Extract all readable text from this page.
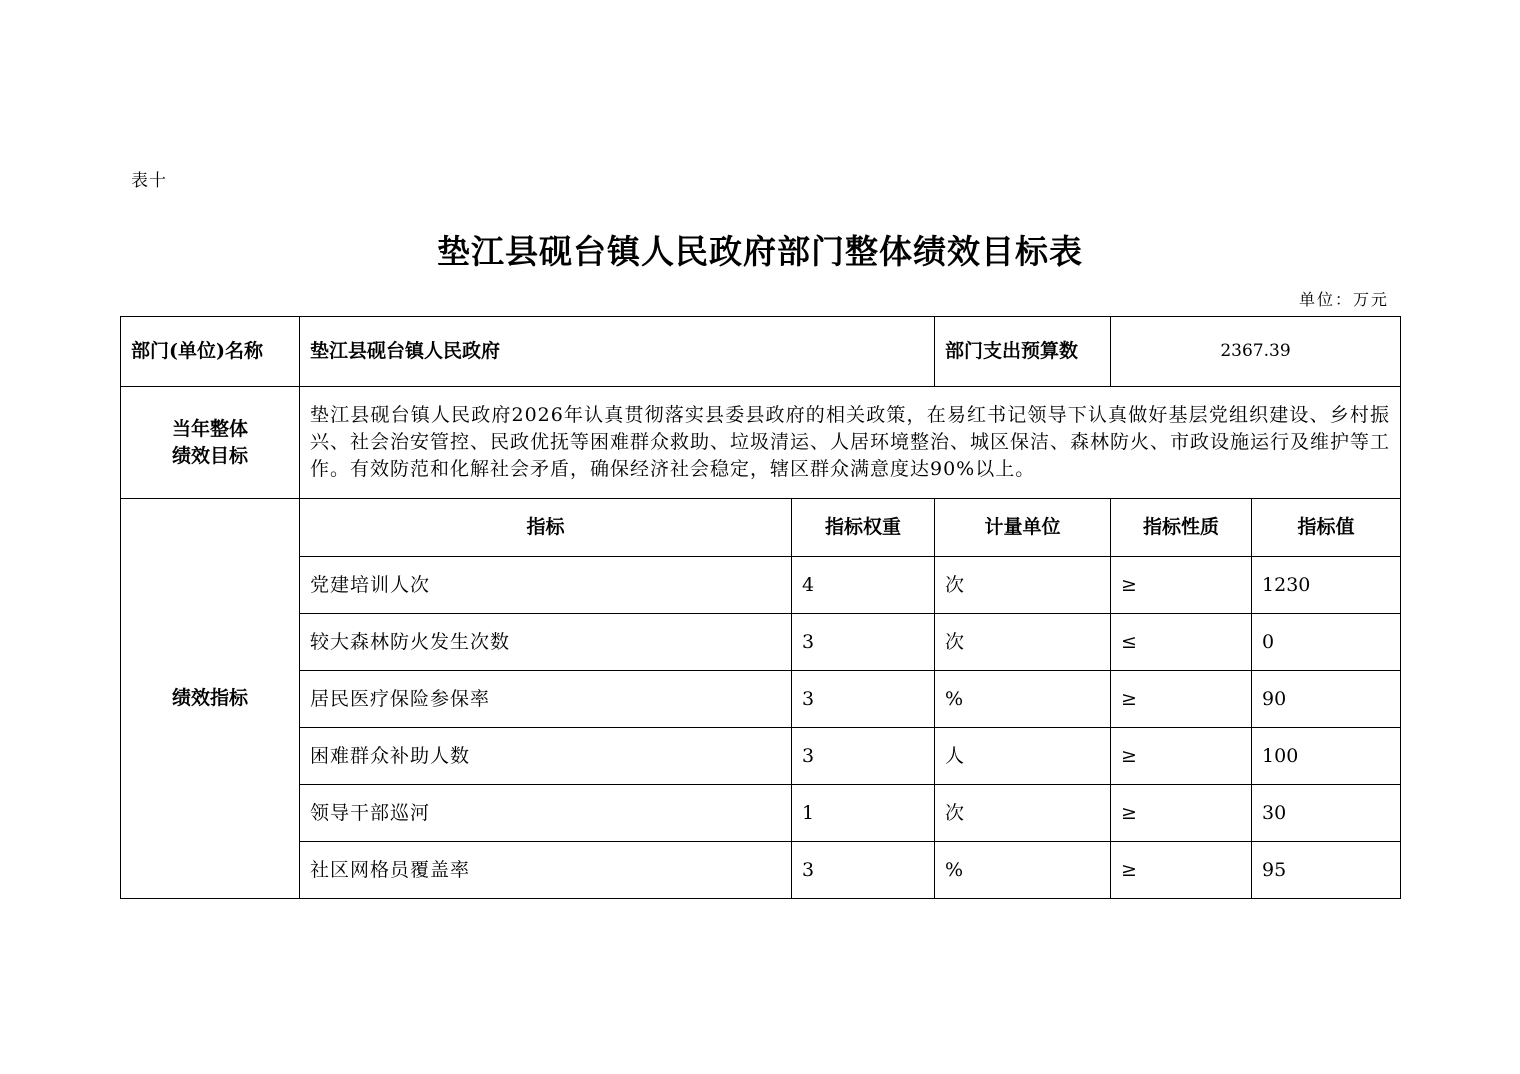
表十
垫江县砚台镇人民政府部门整体绩效目标表
单位：万元
部门(单位)名称	垫江县砚台镇人民政府		部门支出预算数	2367.39	

当年整体
绩效目标	垫江县砚台镇人民政府2026年认真贯彻落实县委县政府的相关政策，在易红书记领导下认真做好基层党组织建设、乡村振兴、社会治安管控、民政优抚等困难群众救助、垃圾清运、人居环境整治、城区保洁、森林防火、市政设施运行及维护等工作。有效防范和化解社会矛盾，确保经济社会稳定，辖区群众满意度达90%以上。				
绩效指标	指标	指标权重	计量单位	指标性质	指标值
	党建培训人次	4	次	≥	1230
	较大森林防火发生次数	3	次	≤	0
	居民医疗保险参保率	3	%	≥	90
	困难群众补助人数	3	人	≥	100
	领导干部巡河	1	次	≥	30
	社区网格员覆盖率	3	%	≥	95
